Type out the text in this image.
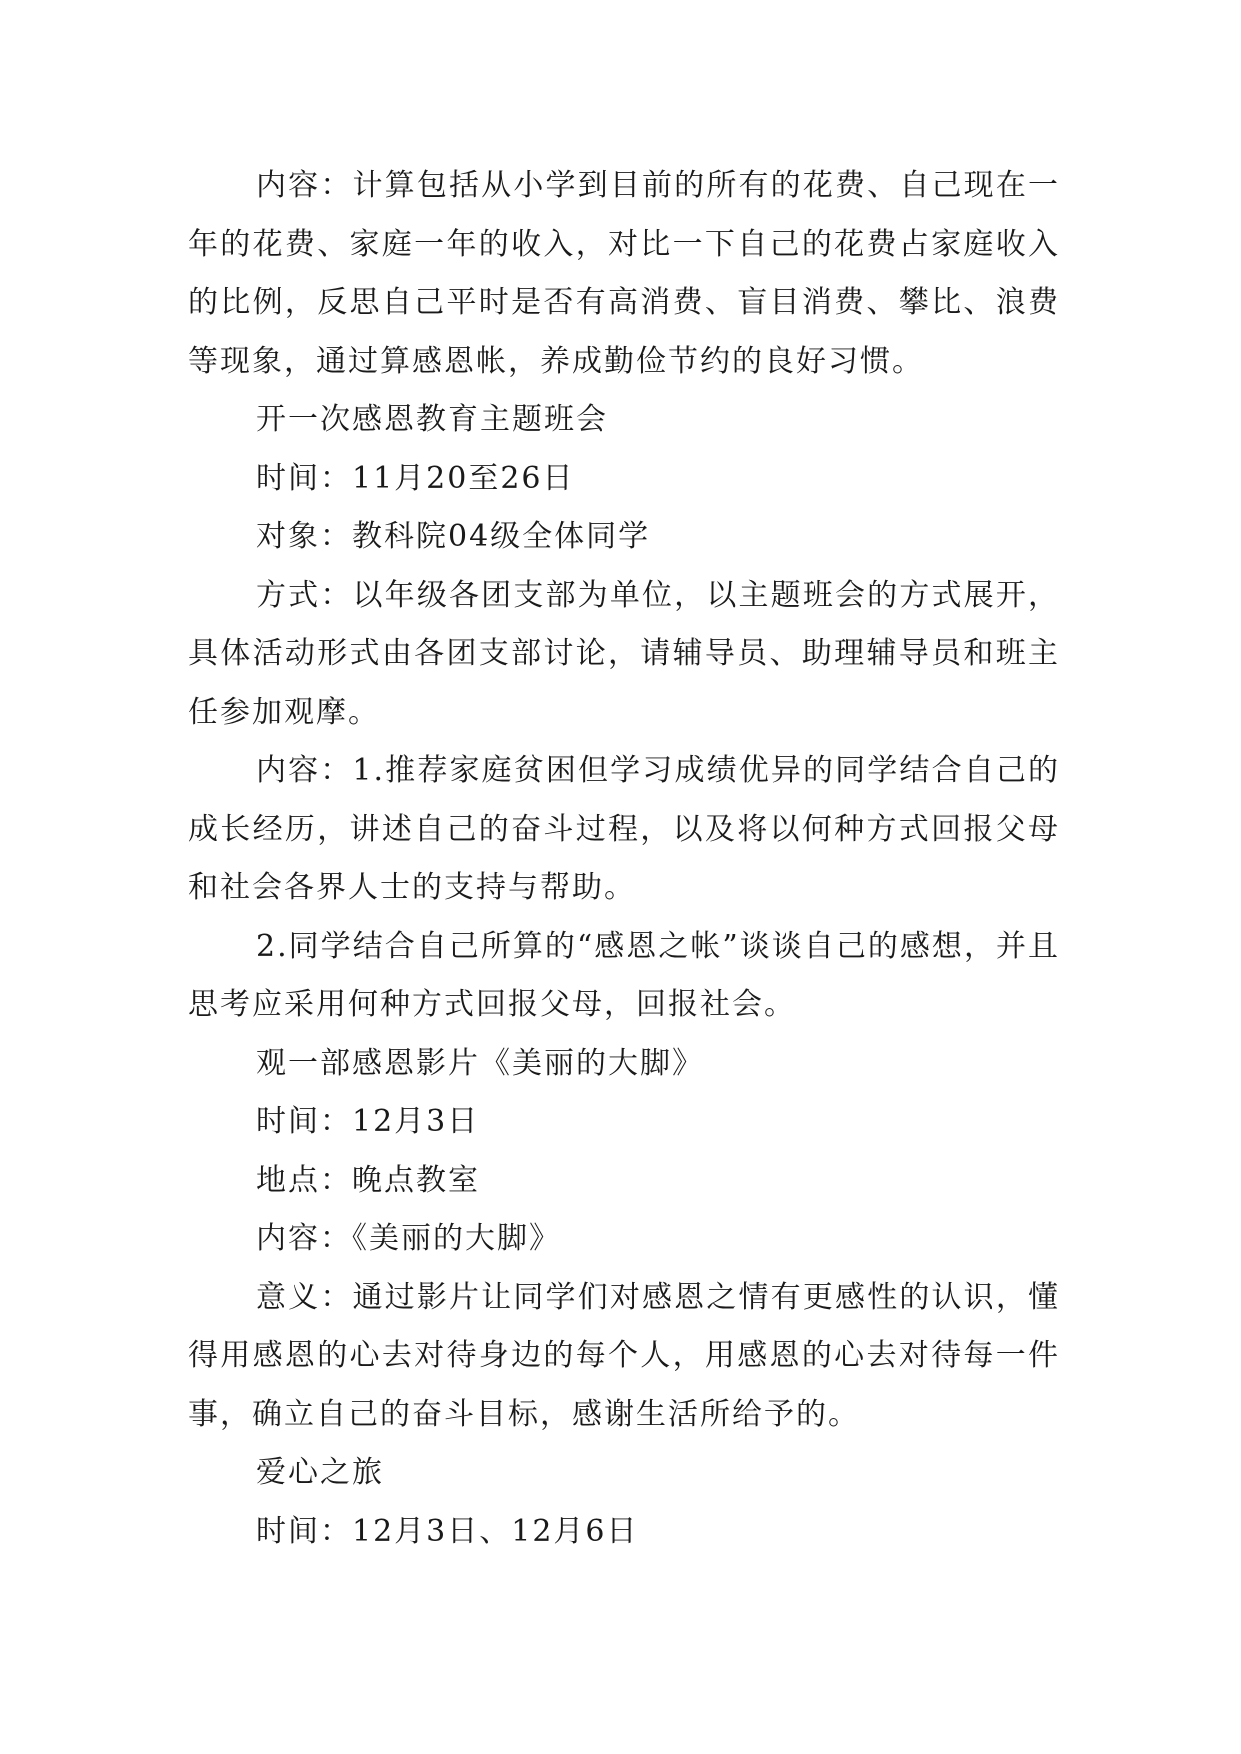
内容：计算包括从小学到目前的所有的花费、自己现在一年的花费、家庭一年的收入，对比一下自己的花费占家庭收入的比例，反思自己平时是否有高消费、盲目消费、攀比、浪费等现象，通过算感恩帐，养成勤俭节约的良好习惯。

开一次感恩教育主题班会

时间：11月20至26日

对象：教科院04级全体同学

方式：以年级各团支部为单位，以主题班会的方式展开，具体活动形式由各团支部讨论，请辅导员、助理辅导员和班主任参加观摩。

内容：1.推荐家庭贫困但学习成绩优异的同学结合自己的成长经历，讲述自己的奋斗过程，以及将以何种方式回报父母和社会各界人士的支持与帮助。

2.同学结合自己所算的“感恩之帐”谈谈自己的感想，并且思考应采用何种方式回报父母，回报社会。

观一部感恩影片《美丽的大脚》

时间：12月3日

地点：晚点教室

内容：《美丽的大脚》

意义：通过影片让同学们对感恩之情有更感性的认识，懂得用感恩的心去对待身边的每个人，用感恩的心去对待每一件事，确立自己的奋斗目标，感谢生活所给予的。

爱心之旅

时间：12月3日、12月6日
